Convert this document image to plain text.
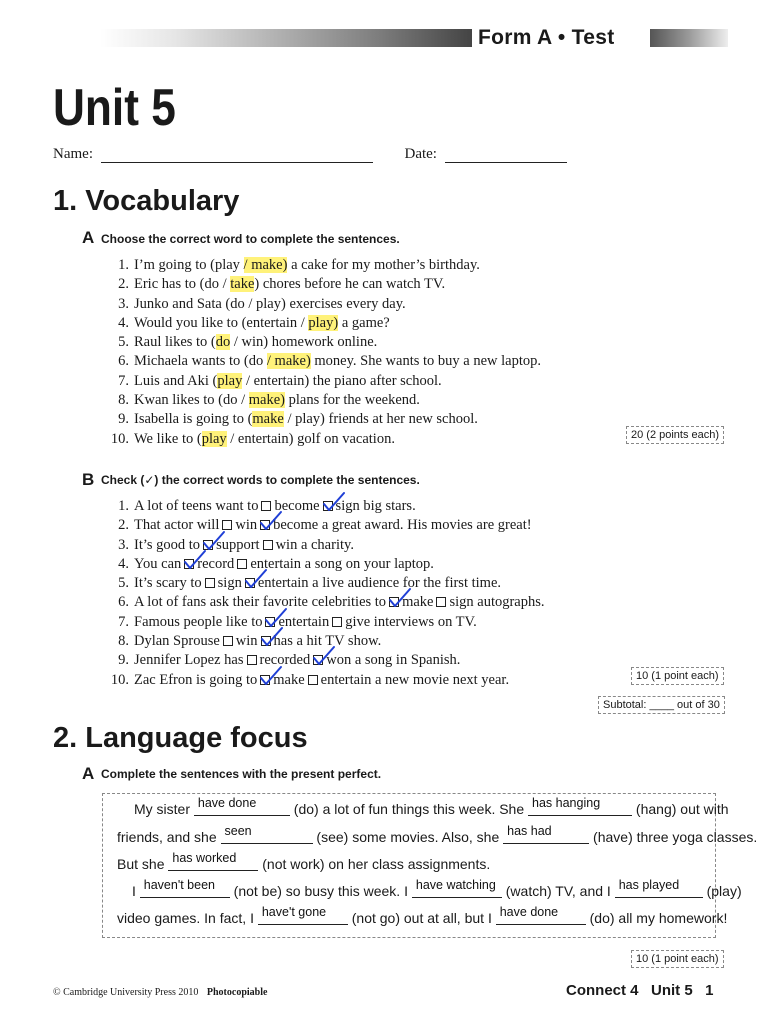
Form A • Test
Unit 5
Name:	Date:
1. Vocabulary
A Choose the correct word to complete the sentences.
1. I’m going to (play / make) a cake for my mother’s birthday.
2. Eric has to (do / take) chores before he can watch TV.
3. Junko and Sata (do / play) exercises every day.
4. Would you like to (entertain / play) a game?
5. Raul likes to (do / win) homework online.
6. Michaela wants to (do / make) money. She wants to buy a new laptop.
7. Luis and Aki (play / entertain) the piano after school.
8. Kwan likes to (do / make) plans for the weekend.
9. Isabella is going to (make / play) friends at her new school.
10. We like to (play / entertain) golf on vacation.	20 (2 points each)
B Check (✓) the correct words to complete the sentences.
1. A lot of teens want to become sign big stars.
2. That actor will win become a great award. His movies are great!
3. It’s good to support win a charity.
4. You can record entertain a song on your laptop.
5. It’s scary to sign entertain a live audience for the first time.
6. A lot of fans ask their favorite celebrities to make sign autographs.
7. Famous people like to entertain give interviews on TV.
8. Dylan Sprouse win has a hit TV show.
9. Jennifer Lopez has recorded won a song in Spanish.
10. Zac Efron is going to make entertain a new movie next year.	10 (1 point each)
Subtotal: ____ out of 30
2. Language focus
A Complete the sentences with the present perfect.
My sister have done	(do) a lot of fun things this week. She has hanging	(hang) out with
friends, and she seen	(see) some movies. Also, she has had	(have) three yoga classes.
But she has worked (not work) on her class assignments.
I haven't been (not be) so busy this week. I have watching (watch) TV, and I has played (play)
video games. In fact, I have't gone (not go) out at all, but I have done (do) all my homework!
10 (1 point each)
© Cambridge University Press 2010 Photocopiable	Connect 4   Unit 5   1
